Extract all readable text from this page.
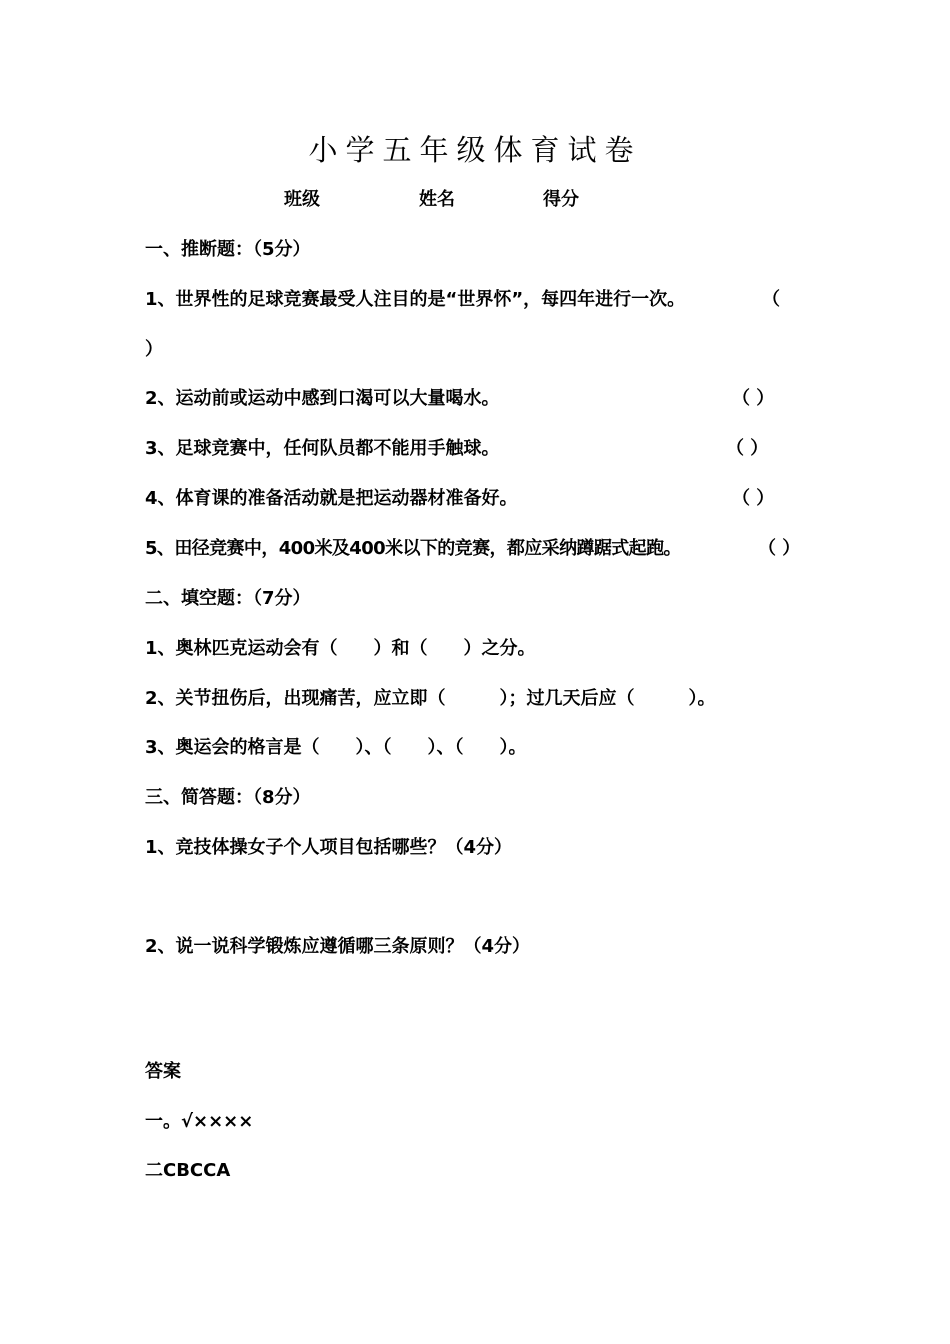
小学五年级体育试卷
班级	姓名	得分
一、推断题：（5分）
1、世界性的足球竞赛最受人注目的是“世界怀”，每四年进行一次。	（
）
2、运动前或运动中感到口渴可以大量喝水。	（ ）
3、足球竞赛中，任何队员都不能用手触球。	（ ）
4、体育课的准备活动就是把运动器材准备好。	（ ）
5、田径竞赛中，400米及400米以下的竞赛，都应采纳蹲踞式起跑。	（ ）
二、填空题：（7分）
1、奥林匹克运动会有（　　）和（　　）之分。
2、关节扭伤后，出现痛苦，应立即（　　　）；过几天后应（　　　）。
3、奥运会的格言是（　　）、（　　）、（　　）。
三、简答题：（8分）
1、竞技体操女子个人项目包括哪些？（4分）
2、说一说科学锻炼应遵循哪三条原则？（4分）
答案
一。√××××
二CBCCA
